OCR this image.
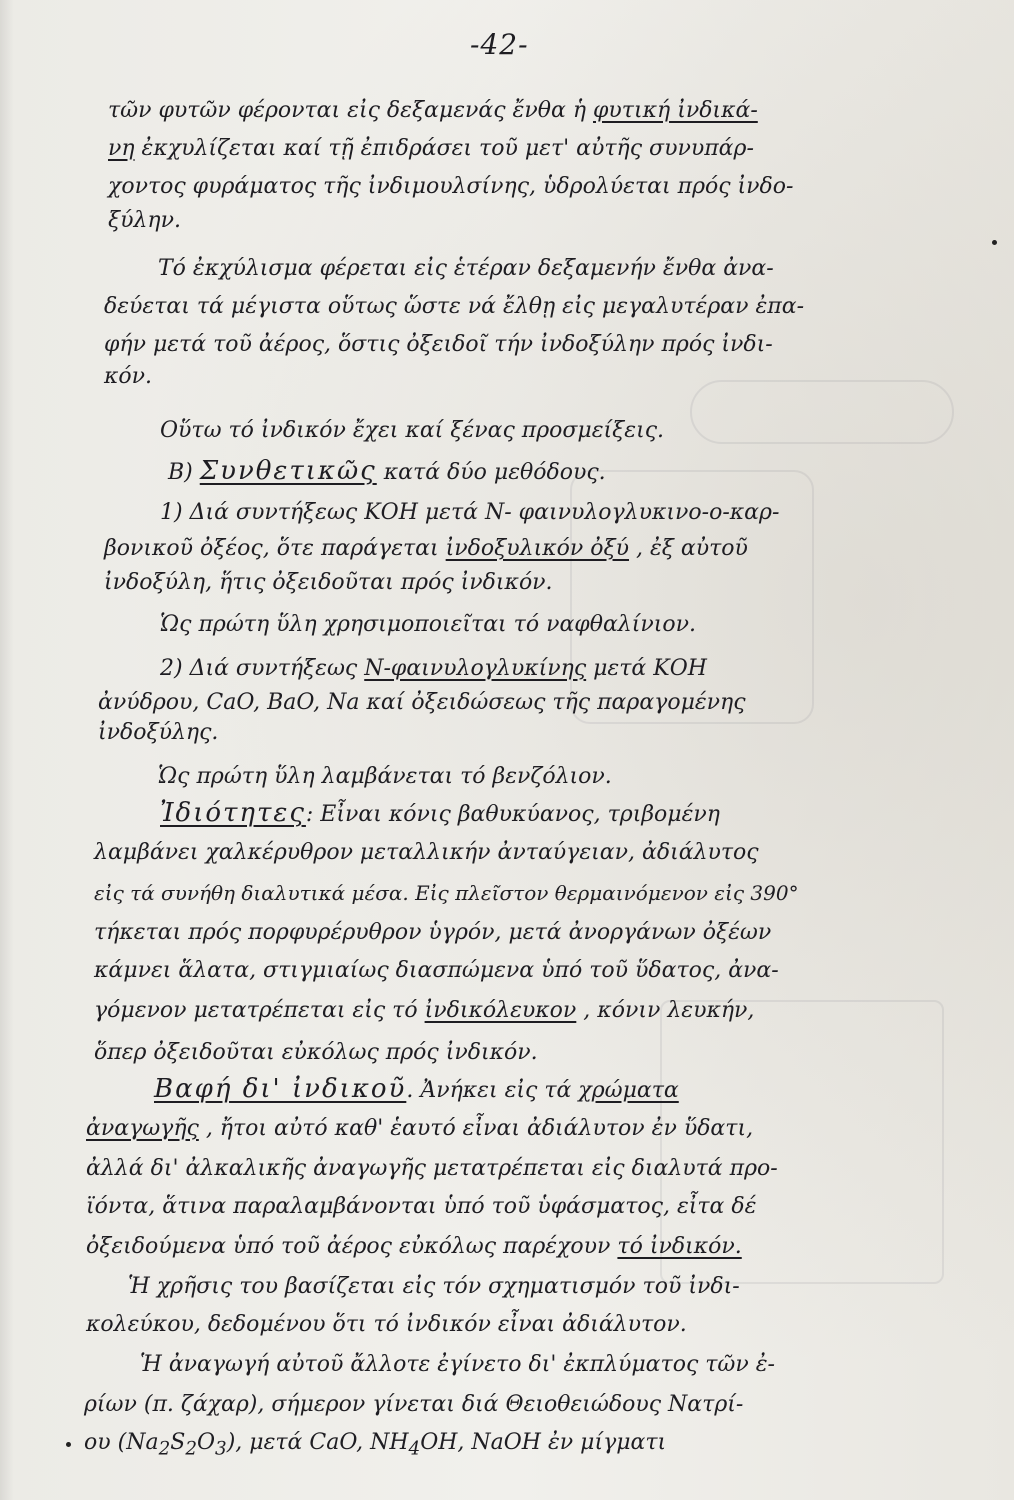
-42-
τῶν φυτῶν φέρονται εἰς δεξαμενάς ἔνθα ἡ φυτική ἰνδικά-
νη ἐκχυλίζεται καί τῇ ἐπιδράσει τοῦ μετ' αὐτῆς συνυπάρ-
χοντος φυράματος τῆς ἰνδιμουλσίνης, ὑδρολύεται πρός ἰνδο-
ξύλην.
Τό ἐκχύλισμα φέρεται εἰς ἑτέραν δεξαμενήν ἔνθα ἀνα-
δεύεται τά μέγιστα οὕτως ὥστε νά ἔλθῃ εἰς μεγαλυτέραν ἐπα-
φήν μετά τοῦ ἀέρος, ὅστις ὀξειδοῖ τήν ἰνδοξύλην πρός ἰνδι-
κόν.
Οὕτω τό ἰνδικόν ἔχει καί ξένας προσμείξεις.
Β) Συνθετικῶς κατά δύο μεθόδους.
1) Διά συντήξεως ΚΟΗ μετά Ν- φαινυλογλυκινο-ο-καρ-
βονικοῦ ὀξέος, ὅτε παράγεται ἰνδοξυλικόν ὀξύ , ἐξ αὐτοῦ
ἰνδοξύλη, ἥτις ὀξειδοῦται πρός ἰνδικόν.
Ὡς πρώτη ὕλη χρησιμοποιεῖται τό ναφθαλίνιον.
2) Διά συντήξεως Ν-φαινυλογλυκίνης μετά ΚΟΗ
ἀνύδρου, CaO, BaO, Na καί ὀξειδώσεως τῆς παραγομένης
ἰνδοξύλης.
Ὡς πρώτη ὕλη λαμβάνεται τό βενζόλιον.
Ἰδιότητες: Εἶναι κόνις βαθυκύανος, τριβομένη
λαμβάνει χαλκέρυθρον μεταλλικήν ἀνταύγειαν, ἀδιάλυτος
εἰς τά συνήθη διαλυτικά μέσα. Εἰς πλεῖστον θερμαινόμενον εἰς 390°
τήκεται πρός πορφυρέρυθρον ὑγρόν, μετά ἀνοργάνων ὀξέων
κάμνει ἅλατα, στιγμιαίως διασπώμενα ὑπό τοῦ ὕδατος, ἀνα-
γόμενον μετατρέπεται εἰς τό ἰνδικόλευκον , κόνιν λευκήν,
ὅπερ ὀξειδοῦται εὐκόλως πρός ἰνδικόν.
Βαφή δι' ἰνδικοῦ. Ἀνήκει εἰς τά χρώματα
ἀναγωγῆς , ἤτοι αὐτό καθ' ἑαυτό εἶναι ἀδιάλυτον ἐν ὕδατι,
ἀλλά δι' ἀλκαλικῆς ἀναγωγῆς μετατρέπεται εἰς διαλυτά προ-
ϊόντα, ἅτινα παραλαμβάνονται ὑπό τοῦ ὑφάσματος, εἶτα δέ
ὀξειδούμενα ὑπό τοῦ ἀέρος εὐκόλως παρέχουν τό ἰνδικόν.
Ἡ χρῆσις του βασίζεται εἰς τόν σχηματισμόν τοῦ ἰνδι-
κολεύκου, δεδομένου ὅτι τό ἰνδικόν εἶναι ἀδιάλυτον.
Ἡ ἀναγωγή αὐτοῦ ἄλλοτε ἐγίνετο δι' ἐκπλύματος τῶν ἐ-
ρίων (π. ζάχαρ), σήμερον γίνεται διά Θειοθειώδους Νατρί-
ου $(Na_2S_2O_3)$, μετά CaO, $NH_4OH$, NaOH ἐν μίγματι
